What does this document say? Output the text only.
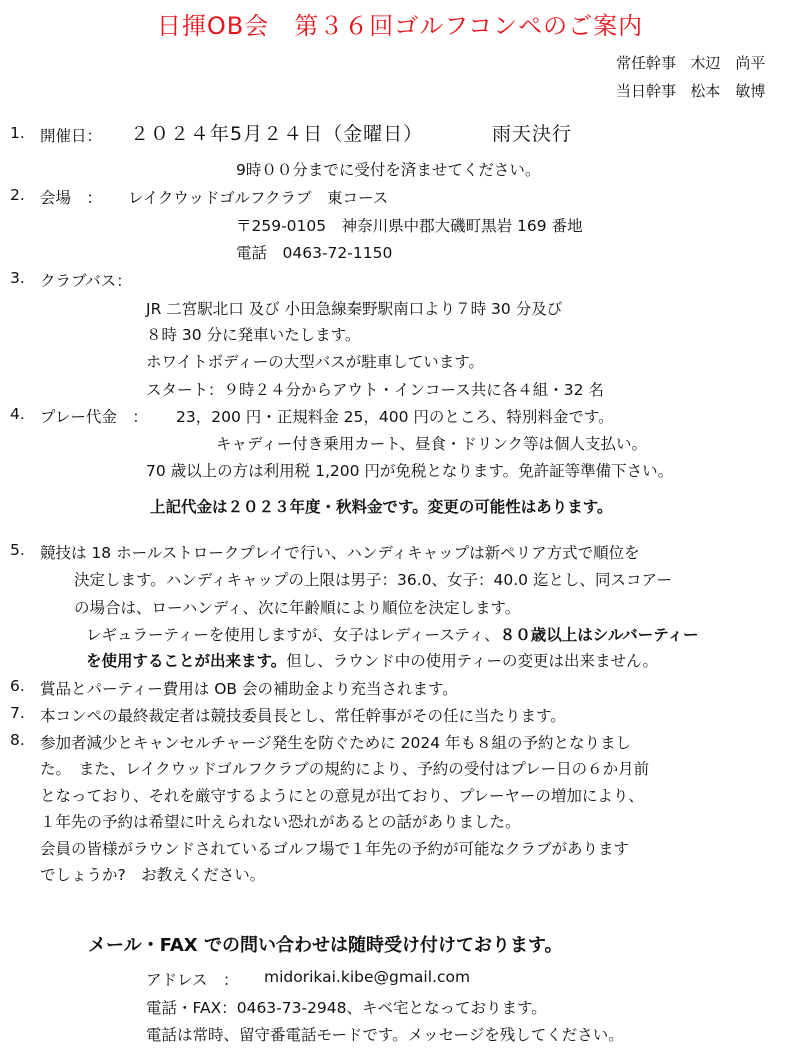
日揮OB会　第３６回ゴルフコンペのご案内
常任幹事 木辺　尚平
当日幹事 松本　敏博
1. 開催日： ２０２４年5月２４日（金曜日）	雨天決行
9時００分までに受付を済ませてください。
2. 会場　： レイクウッドゴルフクラブ　東コース
〒259-0105　神奈川県中郡大磯町黒岩 169 番地
電話　0463-72-1150
3. クラブバス：
JR 二宮駅北口 及び 小田急線秦野駅南口より７時 30 分及び
８時 30 分に発車いたします。
ホワイトボディーの大型バスが駐車しています。
スタート：９時２４分からアウト・インコース共に各４組・32 名
4. プレー代金　： 23，200 円・正規料金 25，400 円のところ、特別料金です。
キャディー付き乗用カート、昼食・ドリンク等は個人支払い。
70 歳以上の方は利用税 1,200 円が免税となります。免許証等準備下さい。
上記代金は２０２３年度・秋料金です。変更の可能性はあります。
5. 競技は 18 ホールストロークプレイで行い、ハンディキャップは新ペリア方式で順位を
決定します。ハンディキャップの上限は男子：36.0、女子：40.0 迄とし、同スコアー
の場合は、ローハンディ、次に年齢順により順位を決定します。
レギュラーティーを使用しますが、女子はレディースティ、８０歳以上はシルバーティー
を使用することが出来ます。但し、ラウンド中の使用ティーの変更は出来ません。
6. 賞品とパーティー費用は OB 会の補助金より充当されます。
7. 本コンペの最終裁定者は競技委員長とし、常任幹事がその任に当たります。
8. 参加者減少とキャンセルチャージ発生を防ぐために 2024 年も８組の予約となりまし
た。　また、レイクウッドゴルフクラブの規約により、予約の受付はプレー日の６か月前
となっており、それを厳守するようにとの意見が出ており、プレーヤーの増加により、
１年先の予約は希望に叶えられない恐れがあるとの話がありました。
会員の皆様がラウンドされているゴルフ場で１年先の予約が可能なクラブがあります
でしょうか?　お教えください。
メール・FAX での問い合わせは随時受け付けております。
アドレス　： midorikai.kibe@gmail.com
電話・FAX：0463-73-2948、キベ宅となっております。
電話は常時、留守番電話モードです。メッセージを残してください。
